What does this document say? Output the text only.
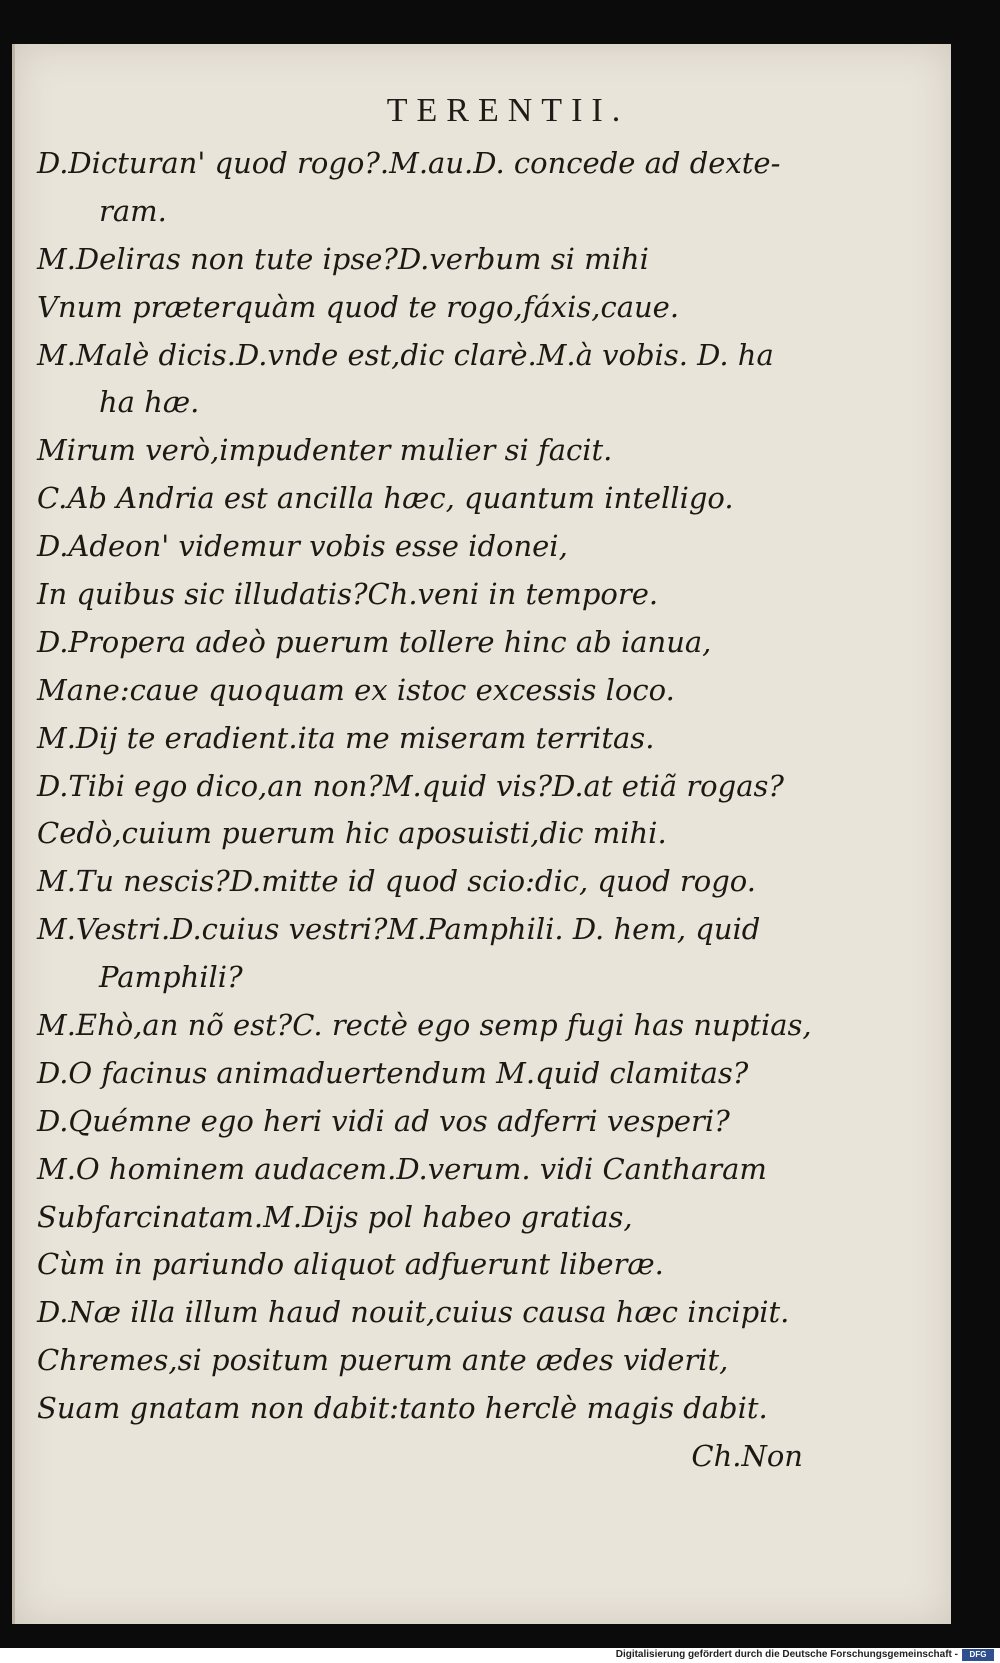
TERENTII.
D.Dicturan' quod rogo?.M.au.D. concede ad dexte-
ram.
M.Deliras non tute ipse?D.verbum si mihi
Vnum præterquàm quod te rogo,fáxis,caue.
M.Malè dicis.D.vnde est,dic clarè.M.à vobis. D. ha
ha hæ.
Mirum verò,impudenter mulier si facit.
C.Ab Andria est ancilla hæc, quantum intelligo.
D.Adeon' videmur vobis esse idonei,
In quibus sic illudatis?Ch.veni in tempore.
D.Propera adeò puerum tollere hinc ab ianua,
Mane:caue quoquam ex istoc excessis loco.
M.Dij te eradient.ita me miseram territas.
D.Tibi ego dico,an non?M.quid vis?D.at etiã rogas?
Cedò,cuium puerum hic aposuisti,dic mihi.
M.Tu nescis?D.mitte id quod scio:dic, quod rogo.
M.Vestri.D.cuius vestri?M.Pamphili. D. hem, quid
Pamphili?
M.Ehò,an nõ est?C. rectè ego semp fugi has nuptias,
D.O facinus animaduertendum M.quid clamitas?
D.Quémne ego heri vidi ad vos adferri vesperi?
M.O hominem audacem.D.verum. vidi Cantharam
Subfarcinatam.M.Dijs pol habeo gratias,
Cùm in pariundo aliquot adfuerunt liberæ.
D.Næ illa illum haud nouit,cuius causa hæc incipit.
Chremes,si positum puerum ante ædes viderit,
Suam gnatam non dabit:tanto herclè magis dabit.
Ch.Non
Digitalisierung gefördert durch die Deutsche Forschungsgemeinschaft -	DFG
